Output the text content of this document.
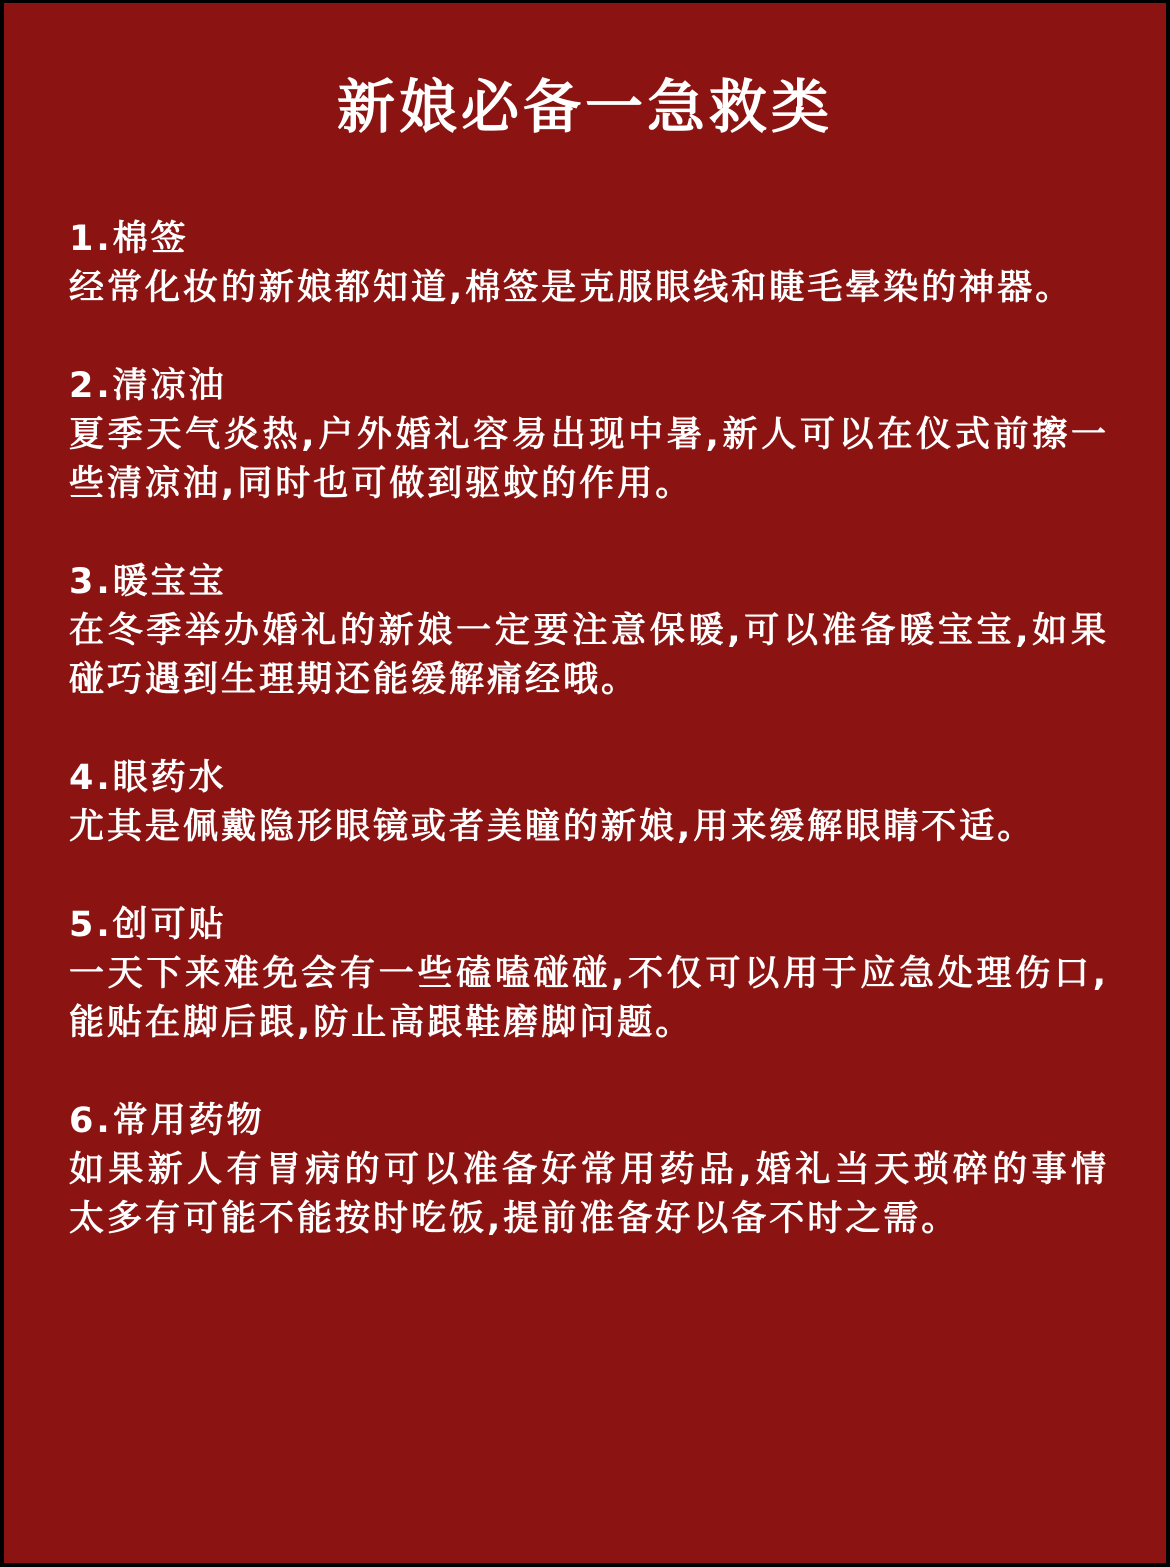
新娘必备一急救类

1.棉签

经常化妆的新娘都知道,棉签是克服眼线和睫毛晕染的神器。

2.清凉油

夏季天气炎热,户外婚礼容易出现中暑,新人可以在仪式前擦一些清凉油,同时也可做到驱蚊的作用。

3.暖宝宝

在冬季举办婚礼的新娘一定要注意保暖,可以准备暖宝宝,如果碰巧遇到生理期还能缓解痛经哦。

4.眼药水

尤其是佩戴隐形眼镜或者美瞳的新娘,用来缓解眼睛不适。

5.创可贴

一天下来难免会有一些磕嗑碰碰,不仅可以用于应急处理伤口,能贴在脚后跟,防止高跟鞋磨脚问题。

6.常用药物

如果新人有胃病的可以准备好常用药品,婚礼当天琐碎的事情太多有可能不能按时吃饭,提前准备好以备不时之需。
